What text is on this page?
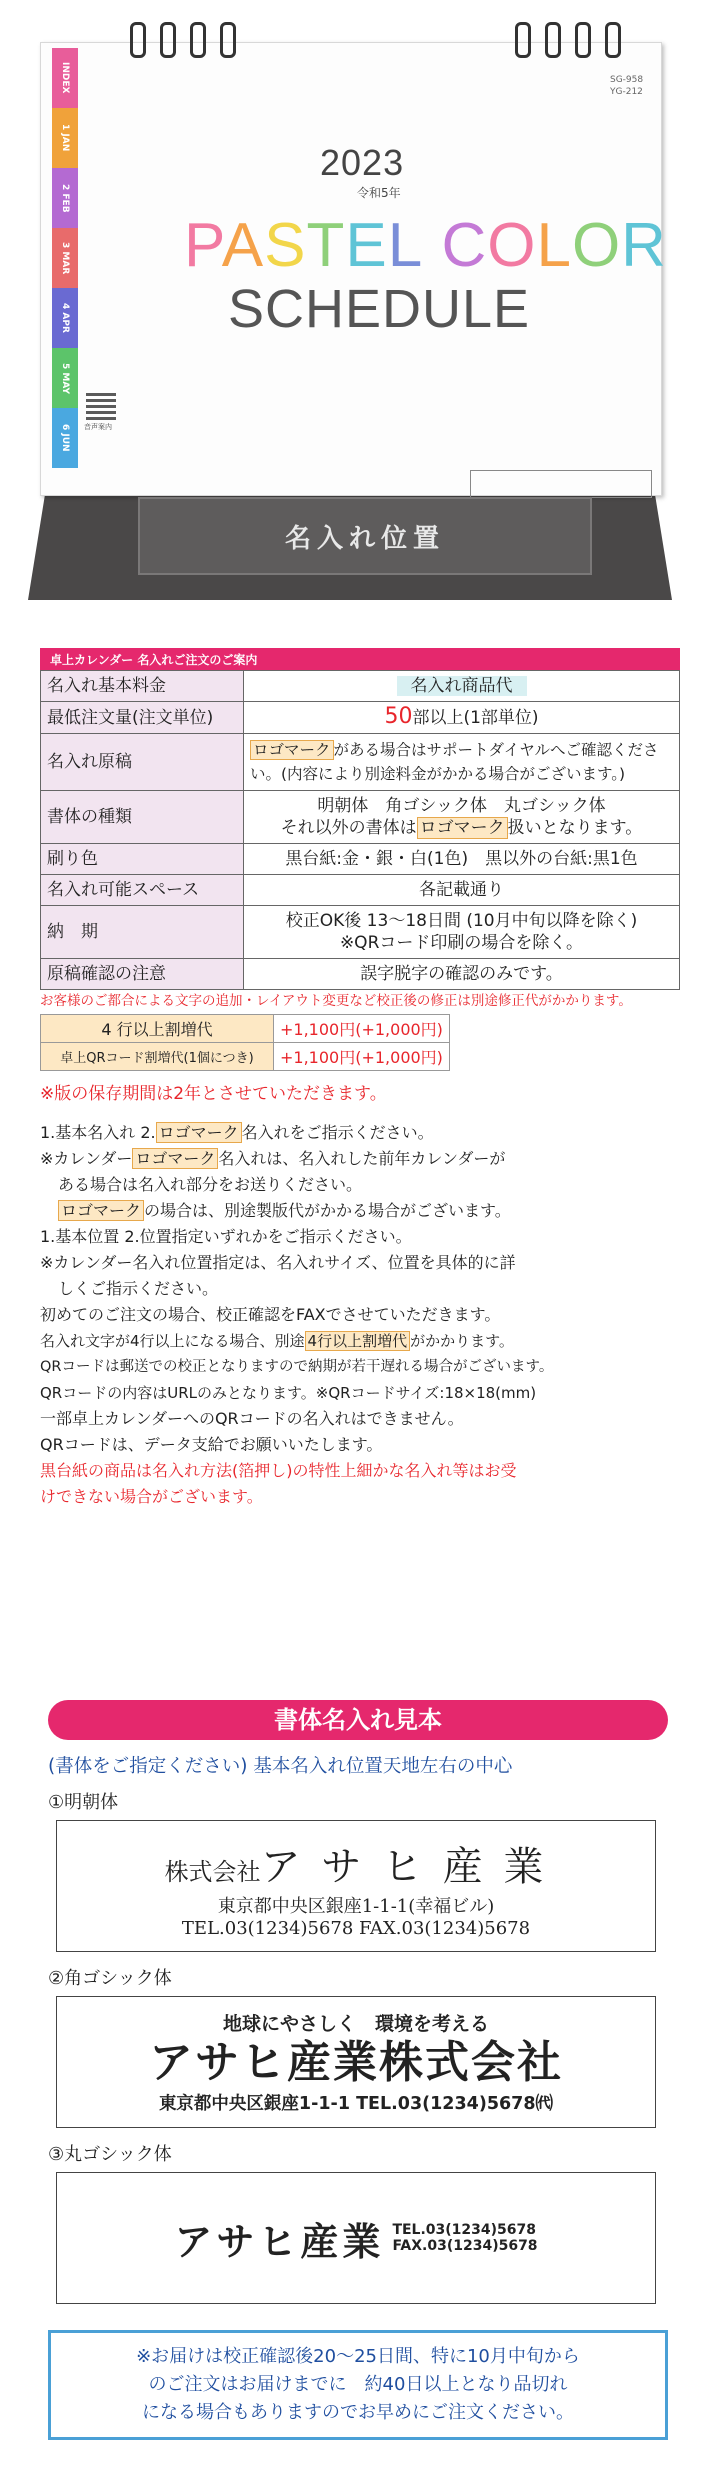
INDEX
1 JAN
2 FEB
3 MAR
4 APR
5 MAY
6 JUN
SG-958
YG-212
2023
令和5年
PASTEL COLOR
SCHEDULE
音声案内
名入れ位置
卓上カレンダー 名入れご注文のご案内
名入れ基本料金	名入れ商品代
最低注文量(注文単位)	50部以上(1部単位)
名入れ原稿	ロゴマーク がある場合はサポートダイヤルへご確認ください。(内容により別途料金がかかる場合がございます。)
書体の種類	明朝体　角ゴシック体　丸ゴシック体
それ以外の書体は ロゴマーク 扱いとなります。

刷り色	黒台紙:金・銀・白(1色)　黒以外の台紙:黒1色
名入れ可能スペース	各記載通り
納　期	校正OK後 13〜18日間 (10月中旬以降を除く)
※QRコード印刷の場合を除く。

原稿確認の注意	誤字脱字の確認のみです。
お客様のご都合による文字の追加・レイアウト変更など校正後の修正は別途修正代がかかります。
4 行以上割増代	+1,100円(+1,000円)
卓上QRコード割増代(1個につき)	+1,100円(+1,000円)
※版の保存期間は2年とさせていただきます。
1.基本名入れ 2. ロゴマーク 名入れをご指示ください。
※カレンダー ロゴマーク 名入れは、名入れした前年カレンダーが
ある場合は名入れ部分をお送りください。
ロゴマーク の場合は、別途製版代がかかる場合がございます。
1.基本位置 2.位置指定いずれかをご指示ください。
※カレンダー名入れ位置指定は、名入れサイズ、位置を具体的に詳
しくご指示ください。
初めてのご注文の場合、校正確認をFAXでさせていただきます。
名入れ文字が4行以上になる場合、別途 4行以上割増代 がかかります。
QRコードは郵送での校正となりますので納期が若干遅れる場合がございます。
QRコードの内容はURLのみとなります。※QRコードサイズ:18×18(mm)
一部卓上カレンダーへのQRコードの名入れはできません。
QRコードは、データ支給でお願いいたします。
黒台紙の商品は名入れ方法(箔押し)の特性上細かな名入れ等はお受
けできない場合がございます。
書体名入れ見本
(書体をご指定ください) 基本名入れ位置天地左右の中心
①明朝体
株式会社ア サ ヒ 産 業
東京都中央区銀座1-1-1(幸福ビル)
TEL.03(1234)5678 FAX.03(1234)5678
②角ゴシック体
地球にやさしく　環境を考える
アサヒ産業株式会社
東京都中央区銀座1-1-1 TEL.03(1234)5678㈹
③丸ゴシック体
アサヒ産業 TEL.03(1234)5678
FAX.03(1234)5678
※お届けは校正確認後20〜25日間、特に10月中旬から
のご注文はお届けまでに　約40日以上となり品切れ
になる場合もありますのでお早めにご注文ください。
